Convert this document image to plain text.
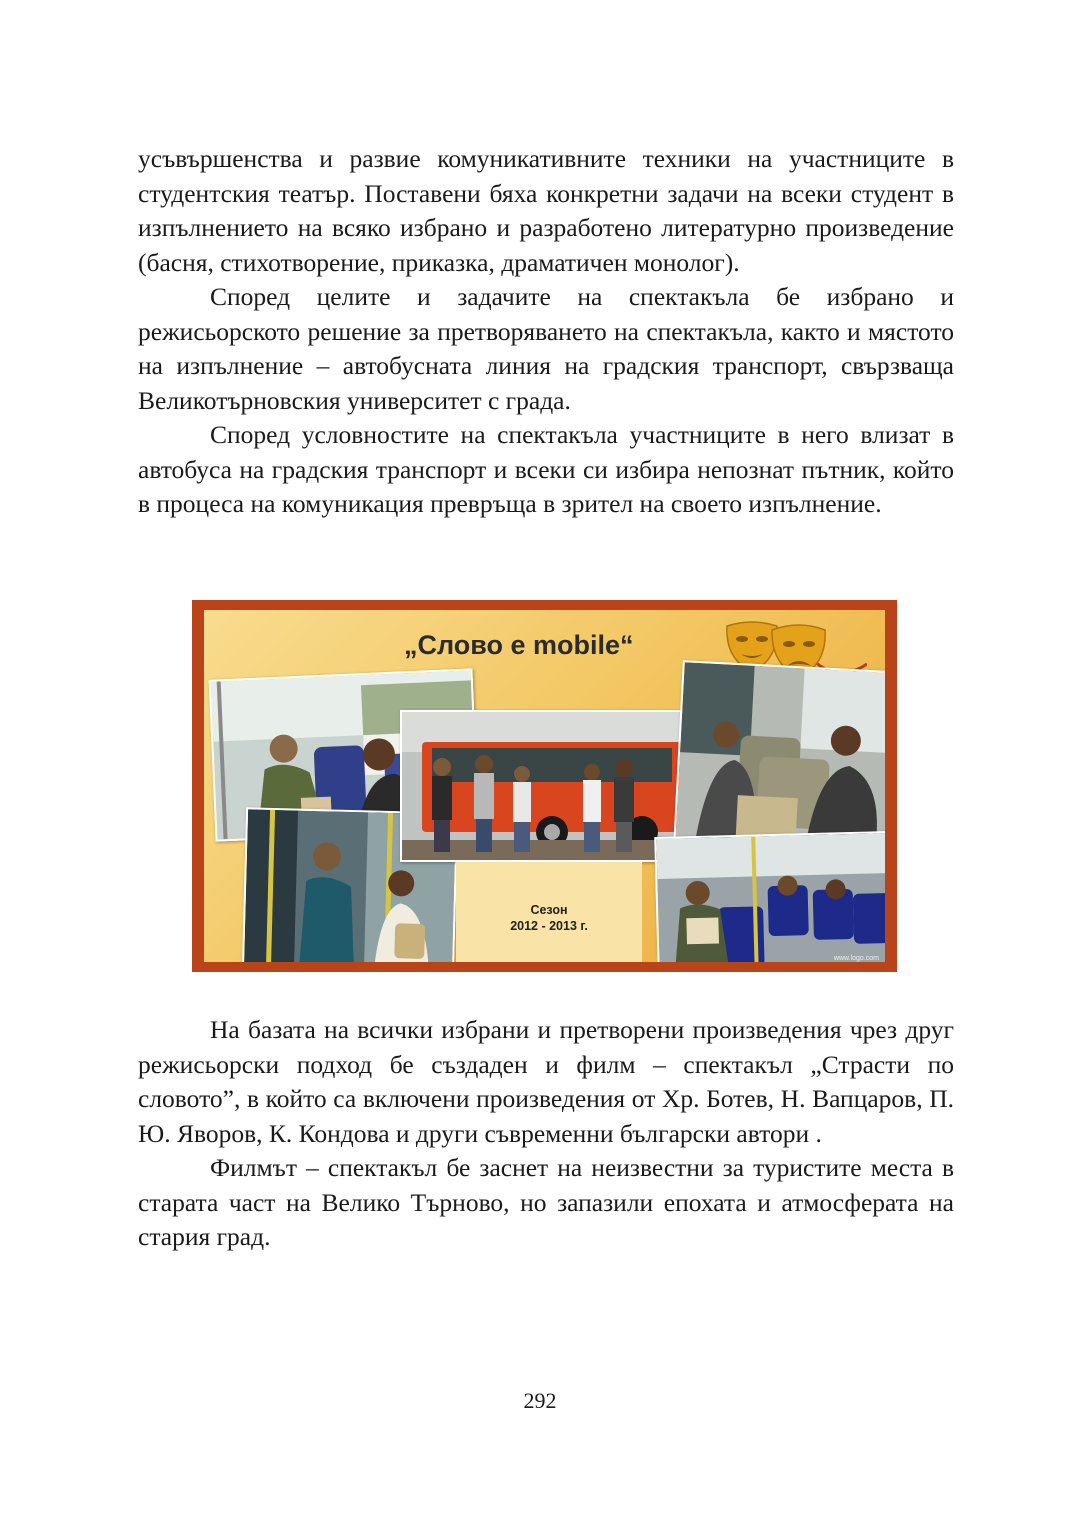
усъвършенства и развие комуникативните техники на участниците в студентския театър. Поставени бяха конкретни задачи на всеки студент в изпълнението на всяко избрано и разработено литературно произведение (басня, стихотворение, приказка, драматичен монолог).

Според целите и задачите на спектакъла бе избрано и режисьорското решение за претворяването на спектакъла, както и мястото на изпълнение – автобусната линия на градския транспорт, свързваща Великотърновския университет с града.

Според условностите на спектакъла участниците в него влизат в автобуса на градския транспорт и всеки си избира непознат пътник, който в процеса на комуникация превръща в зрител на своето изпълнение.

„Слово е mobile“
Сезон
2012 - 2013 г.
www.logo.com

На базата на всички избрани и претворени произведения чрез друг режисьорски подход бе създаден и филм – спектакъл „Страсти по словото”, в който са включени произведения от Хр. Ботев, Н. Вапцаров, П. Ю. Яворов, К. Кондова и други съвременни български автори .

Филмът – спектакъл бе заснет на неизвестни за туристите места в старата част на Велико Търново, но запазили епохата и атмосферата на стария град.

292
